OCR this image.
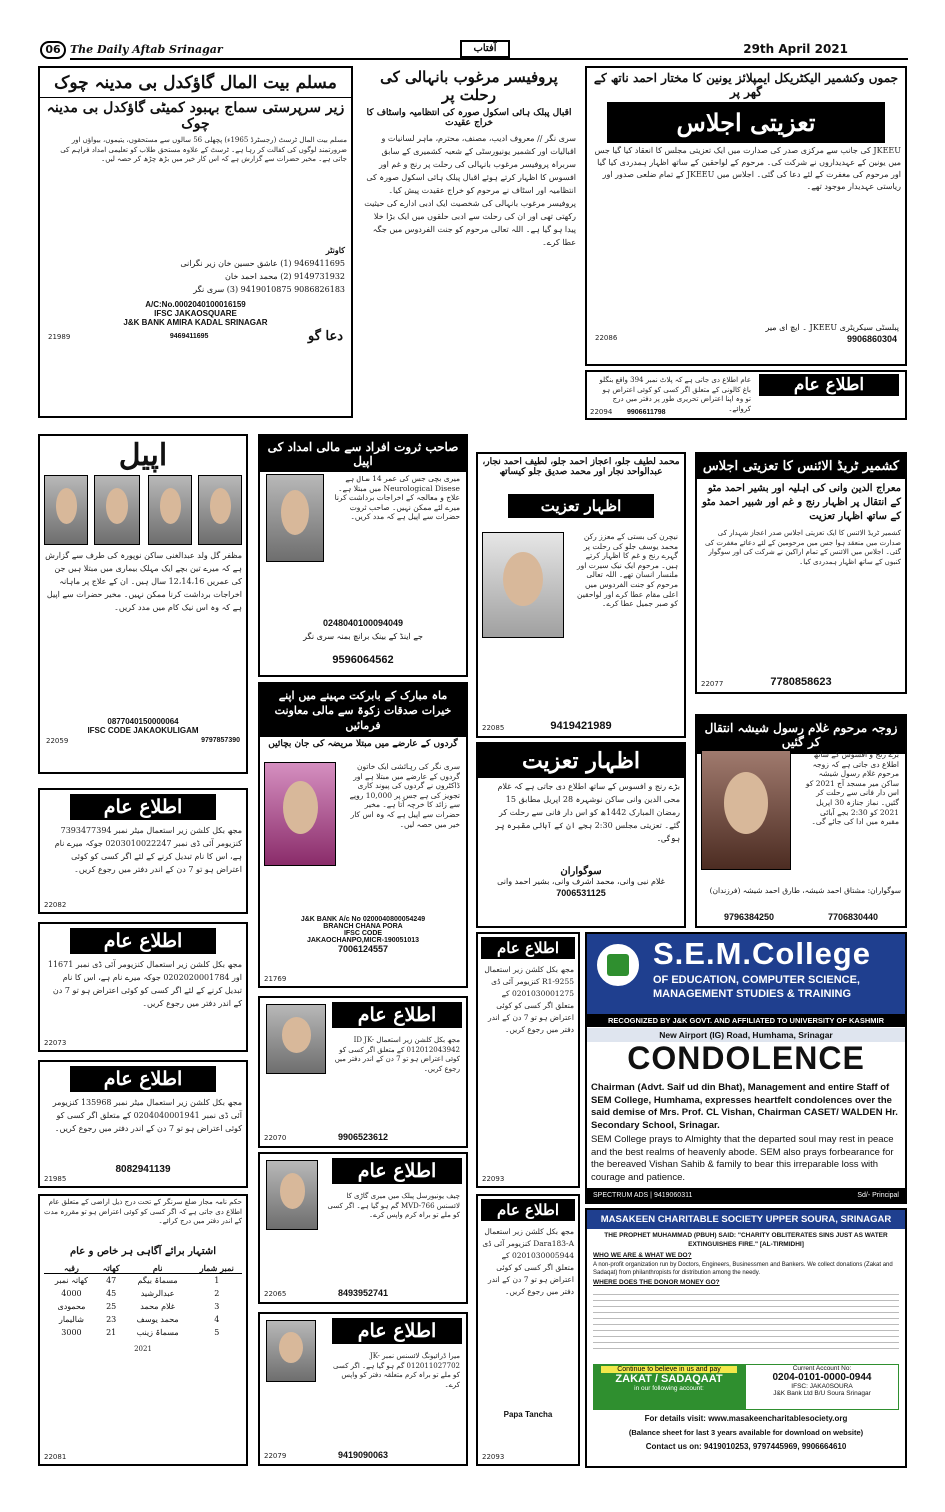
06 The Daily Aftab Srinagar	آفتاب	29th April 2021
مسلم بیت المال گاؤکدل بی مدینہ چوک
زیر سرپرستی سماج بہبود کمیٹی گاؤکدل بی مدینہ چوک
مسلم بیت المال ٹرسٹ (رجسٹرڈ 1965ء) پچھلی 56 سالوں سے مستحقوں، یتیموں، بیواؤں اور ضرورتمند لوگوں کی کفالت کر رہا ہے۔ ٹرسٹ کے علاوہ مستحق طلاب کو تعلیمی امداد فراہم کی جاتی ہے۔ مخیر حضرات سے گزارش ہے کہ اس کار خیر میں بڑھ چڑھ کر حصہ لیں۔
کاونٹر
9469411695 (1) عاشق حسین خان زیر نگرانی
9149731932 (2) محمد احمد خان
9086826183 9419010875 (3) سری نگر
A/C:No.0002040100016159
IFSC JAKAOSQUARE
J&K BANK AMIRA KADAL SRINAGAR
21989	9469411695	دعا گو
پروفیسر مرغوب بانہالی کی رحلت پر
اقبال پبلک ہائی اسکول صورہ کی انتظامیہ واسٹاف کا خراج عقیدت
سری نگر // معروف ادیب، مصنف، محترم، ماہر لسانیات و اقبالیات اور کشمیر یونیورسٹی کے شعبہ کشمیری کے سابق سربراہ پروفیسر مرغوب بانہالی کی رحلت پر رنج و غم اور افسوس کا اظہار کرتے ہوئے اقبال پبلک ہائی اسکول صورہ کی انتظامیہ اور اسٹاف نے مرحوم کو خراج عقیدت پیش کیا۔ پروفیسر مرغوب بانہالی کی شخصیت ایک ادبی ادارے کی حیثیت رکھتی تھی اور ان کی رحلت سے ادبی حلقوں میں ایک بڑا خلا پیدا ہو گیا ہے۔ اللہ تعالی مرحوم کو جنت الفردوس میں جگہ عطا کرے۔
جموں وکشمیر الیکٹریکل ایمپلائز یونین کا مختار احمد ناتھ کے گھر پر
تعزیتی اجلاس
JKEEU کی جانب سے مرکزی صدر کی صدارت میں ایک تعزیتی مجلس کا انعقاد کیا گیا جس میں یونین کے عہدیداروں نے شرکت کی۔ مرحوم کے لواحقین کے ساتھ اظہار ہمدردی کیا گیا اور مرحوم کی مغفرت کے لئے دعا کی گئی۔ اجلاس میں JKEEU کے تمام ضلعی صدور اور ریاستی عہدیدار موجود تھے۔
پبلسٹی سیکریٹری JKEEU ۔ ایچ ای میر
22086	9906860304
اطلاع عام
عام اطلاع دی جاتی ہے کہ پلاٹ نمبر 394 واقع بنگلو باغ کالونی کے متعلق اگر کسی کو کوئی اعتراض ہو تو وہ اپنا اعتراض تحریری طور پر دفتر میں درج کروائے۔
9906611798
22094
اپیل
مظفر گل ولد عبدالغنی ساکن نوپورہ کی طرف سے گزارش ہے کہ میرے تین بچے ایک مہلک بیماری میں مبتلا ہیں جن کی عمریں 12،14،16 سال ہیں۔ ان کے علاج پر ماہانہ اخراجات برداشت کرنا ممکن نہیں۔ مخیر حضرات سے اپیل ہے کہ وہ اس نیک کام میں مدد کریں۔
0877040150000064
IFSC CODE JAKAOKULIGAM
22059	9797857390
صاحب ثروت افراد سے مالی امداد کی اپیل
میری بچی جس کی عمر 14 سال ہے Neurological Disese میں مبتلا ہے۔ علاج و معالجہ کے اخراجات برداشت کرنا میرے لئے ممکن نہیں۔ صاحب ثروت حضرات سے اپیل ہے کہ مدد کریں۔
0248040100094049
جے اینڈ کے بینک برانچ بمنہ سری نگر
9596064562
محمد لطیف جلو، اعجاز احمد جلو، لطیف احمد نجار، عبدالواحد نجار اور محمد صدیق جلو کیساتھ
اظہار تعزیت
نیچرن کی بستی کے معزز رکن محمد یوسف جلو کی رحلت پر گہرے رنج و غم کا اظہار کرتے ہیں۔ مرحوم ایک نیک سیرت اور ملنسار انسان تھے۔ اللہ تعالی مرحوم کو جنت الفردوس میں اعلی مقام عطا کرے اور لواحقین کو صبر جمیل عطا کرے۔
9419421989
22085
کشمیر ٹریڈ الائنس کا تعزیتی اجلاس
معراج الدین وانی کی اہلیہ اور بشیر احمد مٹو کے انتقال پر اظہار رنج و غم اور شبیر احمد مٹو کے ساتھ اظہار تعزیت
کشمیر ٹریڈ الائنس کا ایک تعزیتی اجلاس صدر اعجاز شہدار کی صدارت میں منعقد ہوا جس میں مرحومین کے لئے دعائے مغفرت کی گئی۔ اجلاس میں الائنس کے تمام اراکین نے شرکت کی اور سوگوار کنبوں کے ساتھ اظہار ہمدردی کیا۔
7780858623
22077
ماہ مبارک کے بابرکت مہینے میں اپنے خیرات صدقات زکوۃ سے مالی معاونت فرمائیں
گردوں کے عارضے میں مبتلا مریضہ کی جان بچائیں
سری نگر کی رہائشی ایک خاتون گردوں کے عارضے میں مبتلا ہے اور ڈاکٹروں نے گردوں کی پیوند کاری تجویز کی ہے جس پر 10,000 روپے سے زائد کا خرچہ آتا ہے۔ مخیر حضرات سے اپیل ہے کہ وہ اس کار خیر میں حصہ لیں۔
J&K BANK A/c No 0200040800054249
BRANCH CHANA PORA
IFSC CODE
JAKAOCHANPO,MICR-190051013
7006124557
21769
اظہار تعزیت
بڑے رنج و افسوس کے ساتھ اطلاع دی جاتی ہے کہ غلام محی الدین وانی ساکن نوشہرہ 28 اپریل مطابق 15 رمضان المبارک 1442ھ کو اس دار فانی سے رحلت کر گئے۔ تعزیتی مجلس 2:30 بجے ان کے آبائی مقبرہ پر ہوگی۔
سوگواران
غلام نبی وانی، محمد اشرف وانی، بشیر احمد وانی
7006531125
زوجہ مرحوم غلام رسول شیشہ انتقال کر گئیں
بڑے رنج و افسوس کے ساتھ اطلاع دی جاتی ہے کہ زوجہ مرحوم غلام رسول شیشہ ساکن میر مسجد آج 2021 کو اس دار فانی سے رحلت کر گئیں۔ نماز جنازہ 30 اپریل 2021 کو 2:30 بجے آبائی مقبرہ میں ادا کی جائے گی۔
سوگواران: مشتاق احمد شیشہ، طارق احمد شیشہ (فرزندان)
9796384250	7706830440
اطلاع عام
مجھ بکل کلشن زیر استعمال میٹر نمبر 7393477394 کنزیومر آئی ڈی نمبر 0203010022247 جوکہ میرے نام ہے، اس کا نام تبدیل کرنے کے لئے اگر کسی کو کوئی اعتراض ہو تو 7 دن کے اندر دفتر میں رجوع کریں۔
22082
اطلاع عام
مجھ بکل کلشن زیر استعمال کنزیومر آئی ڈی نمبر 11671 اور 0202020001784 جوکہ میرے نام ہے، اس کا نام تبدیل کرنے کے لئے اگر کسی کو کوئی اعتراض ہو تو 7 دن کے اندر دفتر میں رجوع کریں۔
22073
اطلاع عام
مجھ بکل کلشن زیر استعمال میٹر نمبر 135968 کنزیومر آئی ڈی نمبر 0204040001941 کے متعلق اگر کسی کو کوئی اعتراض ہو تو 7 دن کے اندر دفتر میں رجوع کریں۔
8082941139
21985
حکم نامہ مجاز ضلع سرنگر کے تحت درج ذیل اراضی کے متعلق عام اطلاع دی جاتی ہے کہ اگر کسی کو کوئی اعتراض ہو تو مقررہ مدت کے اندر دفتر میں درج کرائے۔
اشتہار برائے آگاہی ہر خاص و عام
نمبر شمار	نام	کھاتہ	رقبہ
1	مسماۃ بیگم	47	کھاتہ نمبر
2	عبدالرشید	45	4000
3	غلام محمد	25	محمودی
4	محمد یوسف	23	شالیمار
5	مسماۃ زینب	21	3000
2021
22081
اطلاع عام
مجھ بکل کلشن زیر استعمال ID JK-012012043942 کے متعلق اگر کسی کو کوئی اعتراض ہو تو 7 دن کے اندر دفتر میں رجوع کریں۔
9906523612
22070
اطلاع عام
چیف یونیورسل پبلک میں میری گاڑی کا لائسنس 766-MVD گم ہو گیا ہے۔ اگر کسی کو ملے تو براہ کرم واپس کرے۔
8493952741
22065
اطلاع عام
میرا ڈرائیونگ لائسنس نمبر JK-012011027702 گم ہو گیا ہے۔ اگر کسی کو ملے تو براہ کرم متعلقہ دفتر کو واپس کرے۔
9419090063
22079
اطلاع عام
مجھ بکل کلشن زیر استعمال R1-9255 کنزیومر آئی ڈی 0201030001275 کے متعلق اگر کسی کو کوئی اعتراض ہو تو 7 دن کے اندر دفتر میں رجوع کریں۔
22093
اطلاع عام
مجھ بکل کلشن زیر استعمال Dara183-A کنزیومر آئی ڈی 0201030005944 کے متعلق اگر کسی کو کوئی اعتراض ہو تو 7 دن کے اندر دفتر میں رجوع کریں۔
Papa Tancha
22093
S.E.M.College
OF EDUCATION, COMPUTER SCIENCE,
MANAGEMENT STUDIES & TRAINING
RECOGNIZED BY J&K GOVT. AND AFFILIATED TO UNIVERSITY OF KASHMIR
New Airport (IG) Road, Humhama, Srinagar
CONDOLENCE
Chairman (Advt. Saif ud din Bhat), Management and entire Staff of SEM College, Humhama, expresses heartfelt condolences over the said demise of Mrs. Prof. CL Vishan, Chairman CASET/ WALDEN Hr. Secondary School, Srinagar.
SEM College prays to Almighty that the departed soul may rest in peace and the best realms of heavenly abode. SEM also prays forbearance for the bereaved Vishan Sahib & family to bear this irreparable loss with courage and patience.
SPECTRUM ADS | 9419060311	Sd/- Principal
MASAKEEN CHARITABLE SOCIETY UPPER SOURA, SRINAGAR
THE PROPHET MUHAMMAD (PBUH) SAID: "CHARITY OBLITERATES SINS JUST AS WATER EXTINGUISHES FIRE." [AL-TIRMIDHI]
WHO WE ARE & WHAT WE DO?
A non-profit organization run by Doctors, Engineers, Businessmen and Bankers. We collect donations (Zakat and Sadaqat) from philanthropists for distribution among the needy.
WHERE DOES THE DONOR MONEY GO?
Continue to believe in us and pay
ZAKAT / SADAQAAT
in our following account:
Current Account No:
0204-0101-0000-0944
IFSC: JAKA0SOURA
J&K Bank Ltd B/U Soura Srinagar
For details visit: www.masakeencharitablesociety.org
(Balance sheet for last 3 years available for download on website)
Contact us on: 9419010253, 9797445969, 9906664610
